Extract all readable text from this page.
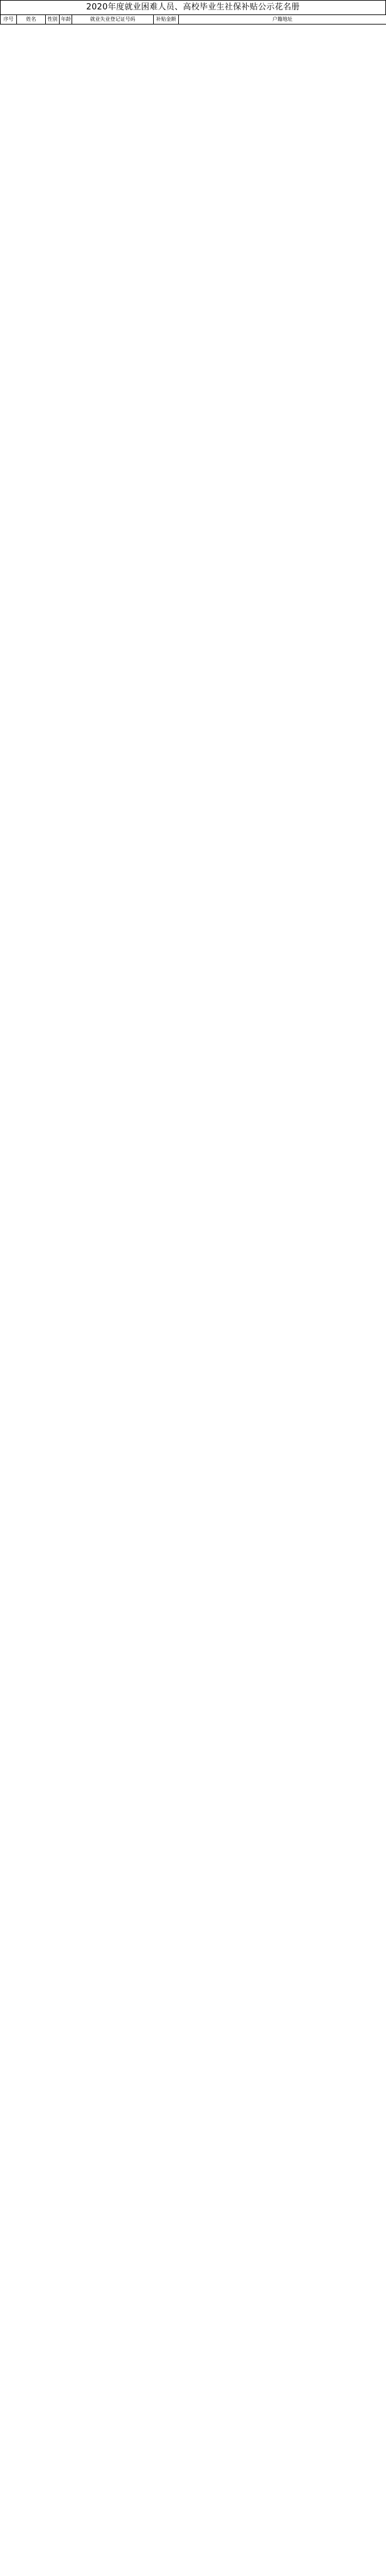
2020年度就业困难人员、高校毕业生社保补贴公示花名册
序号	姓名	性别	年龄	就业失业登记证号码	补贴金额	户籍地址
